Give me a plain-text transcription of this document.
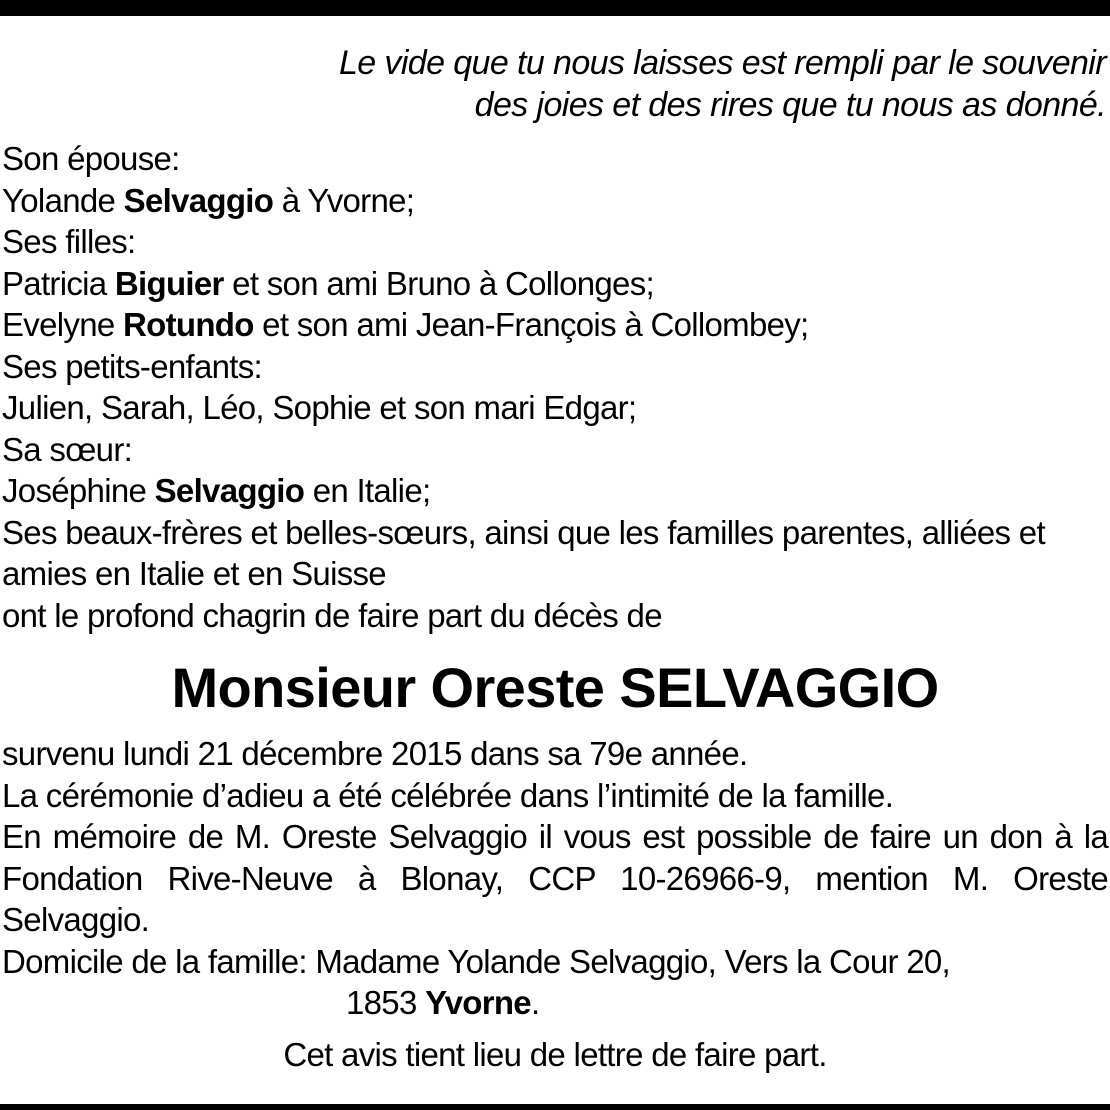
Le vide que tu nous laisses est rempli par le souvenir
des joies et des rires que tu nous as donné.
Son épouse:
Yolande Selvaggio à Yvorne;
Ses filles:
Patricia Biguier et son ami Bruno à Collonges;
Evelyne Rotundo et son ami Jean-François à Collombey;
Ses petits-enfants:
Julien, Sarah, Léo, Sophie et son mari Edgar;
Sa sœur:
Joséphine Selvaggio en Italie;
Ses beaux-frères et belles-sœurs, ainsi que les familles parentes, alliées et amies en Italie et en Suisse
ont le profond chagrin de faire part du décès de
Monsieur Oreste SELVAGGIO
survenu lundi 21 décembre 2015 dans sa 79e année.
La cérémonie d’adieu a été célébrée dans l’intimité de la famille.
En mémoire de M. Oreste Selvaggio il vous est possible de faire un don à la Fondation Rive-Neuve à Blonay, CCP 10-26966-9, mention M. Oreste Selvaggio.
Domicile de la famille: Madame Yolande Selvaggio, Vers la Cour 20,
1853 Yvorne.
Cet avis tient lieu de lettre de faire part.
